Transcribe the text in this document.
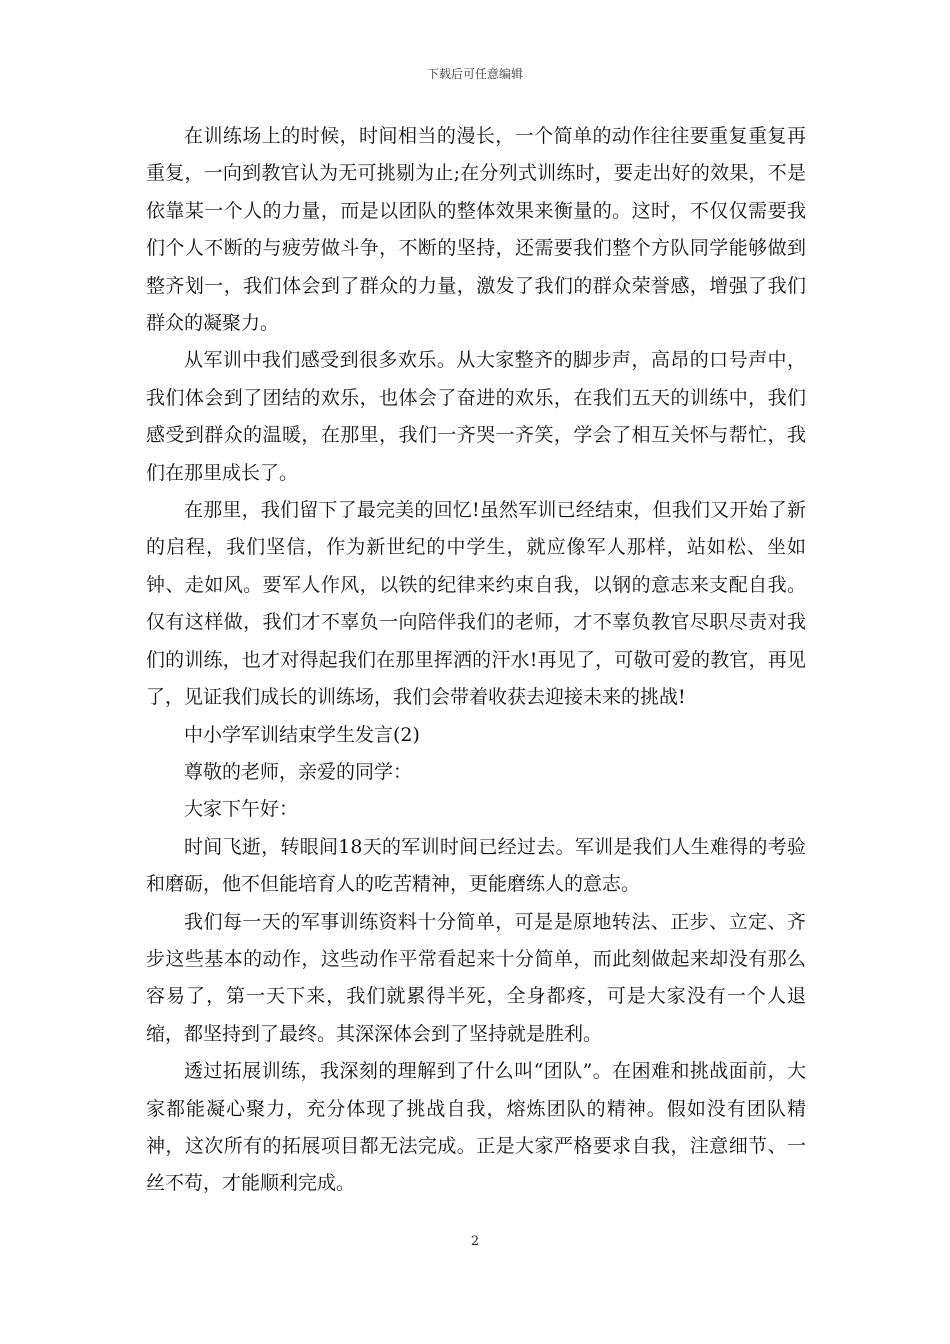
下载后可任意编辑

在训练场上的时候，时间相当的漫长，一个简单的动作往往要重复重复再重复，一向到教官认为无可挑剔为止;在分列式训练时，要走出好的效果，不是依靠某一个人的力量，而是以团队的整体效果来衡量的。这时，不仅仅需要我们个人不断的与疲劳做斗争，不断的坚持，还需要我们整个方队同学能够做到整齐划一，我们体会到了群众的力量，激发了我们的群众荣誉感，增强了我们群众的凝聚力。

从军训中我们感受到很多欢乐。从大家整齐的脚步声，高昂的口号声中，我们体会到了团结的欢乐，也体会了奋进的欢乐，在我们五天的训练中，我们感受到群众的温暖，在那里，我们一齐哭一齐笑，学会了相互关怀与帮忙，我们在那里成长了。

在那里，我们留下了最完美的回忆!虽然军训已经结束，但我们又开始了新的启程，我们坚信，作为新世纪的中学生，就应像军人那样，站如松、坐如钟、走如风。要军人作风，以铁的纪律来约束自我，以钢的意志来支配自我。仅有这样做，我们才不辜负一向陪伴我们的老师，才不辜负教官尽职尽责对我们的训练，也才对得起我们在那里挥洒的汗水!再见了，可敬可爱的教官，再见了，见证我们成长的训练场，我们会带着收获去迎接未来的挑战!

中小学军训结束学生发言(2)

尊敬的老师，亲爱的同学：

大家下午好：

时间飞逝，转眼间18天的军训时间已经过去。军训是我们人生难得的考验和磨砺，他不但能培育人的吃苦精神，更能磨练人的意志。

我们每一天的军事训练资料十分简单，可是是原地转法、正步、立定、齐步这些基本的动作，这些动作平常看起来十分简单，而此刻做起来却没有那么容易了，第一天下来，我们就累得半死，全身都疼，可是大家没有一个人退缩，都坚持到了最终。其深深体会到了坚持就是胜利。

透过拓展训练，我深刻的理解到了什么叫“团队”。在困难和挑战面前，大家都能凝心聚力，充分体现了挑战自我，熔炼团队的精神。假如没有团队精神，这次所有的拓展项目都无法完成。正是大家严格要求自我，注意细节、一丝不苟，才能顺利完成。

2
